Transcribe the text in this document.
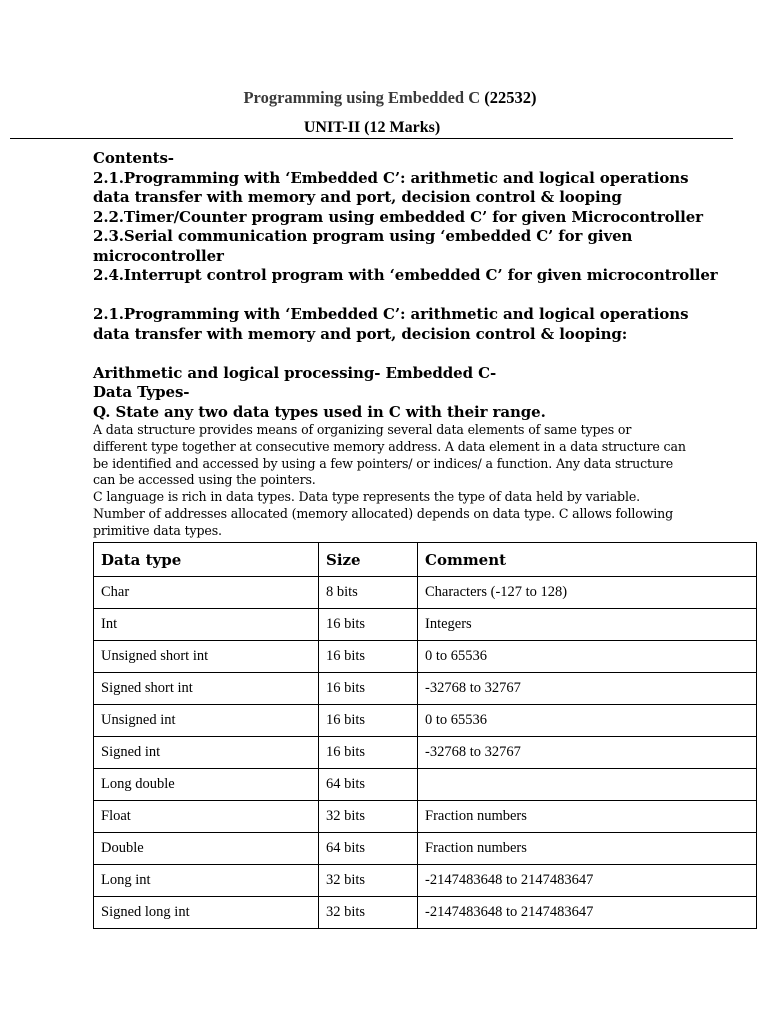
Programming using Embedded C (22532)
UNIT-II (12 Marks)

Contents-

2.1.Programming with ‘Embedded C’: arithmetic and logical operations

data transfer with memory and port, decision control & looping

2.2.Timer/Counter program using embedded C’ for given Microcontroller

2.3.Serial communication program using ‘embedded C’ for given

microcontroller

2.4.Interrupt control program with ‘embedded C’ for given microcontroller

2.1.Programming with ‘Embedded C’: arithmetic and logical operations

data transfer with memory and port, decision control & looping:

Arithmetic and logical processing- Embedded C-

Data Types-

Q. State any two data types used in C with their range.

A data structure provides means of organizing several data elements of same types or

different type together at consecutive memory address. A data element in a data structure can

be identified and accessed by using a few pointers/ or indices/ a function. Any data structure

can be accessed using the pointers.

C language is rich in data types. Data type represents the type of data held by variable.

Number of addresses allocated (memory allocated) depends on data type. C allows following

primitive data types.

Data type	Size	Comment
Char	8 bits	Characters (-127 to 128)
Int	16 bits	Integers
Unsigned short int	16 bits	0 to 65536
Signed short int	16 bits	-32768 to 32767
Unsigned int	16 bits	0 to 65536
Signed int	16 bits	-32768 to 32767
Long double	64 bits	
Float	32 bits	Fraction numbers
Double	64 bits	Fraction numbers
Long int	32 bits	-2147483648 to 2147483647
Signed long int	32 bits	-2147483648 to 2147483647
